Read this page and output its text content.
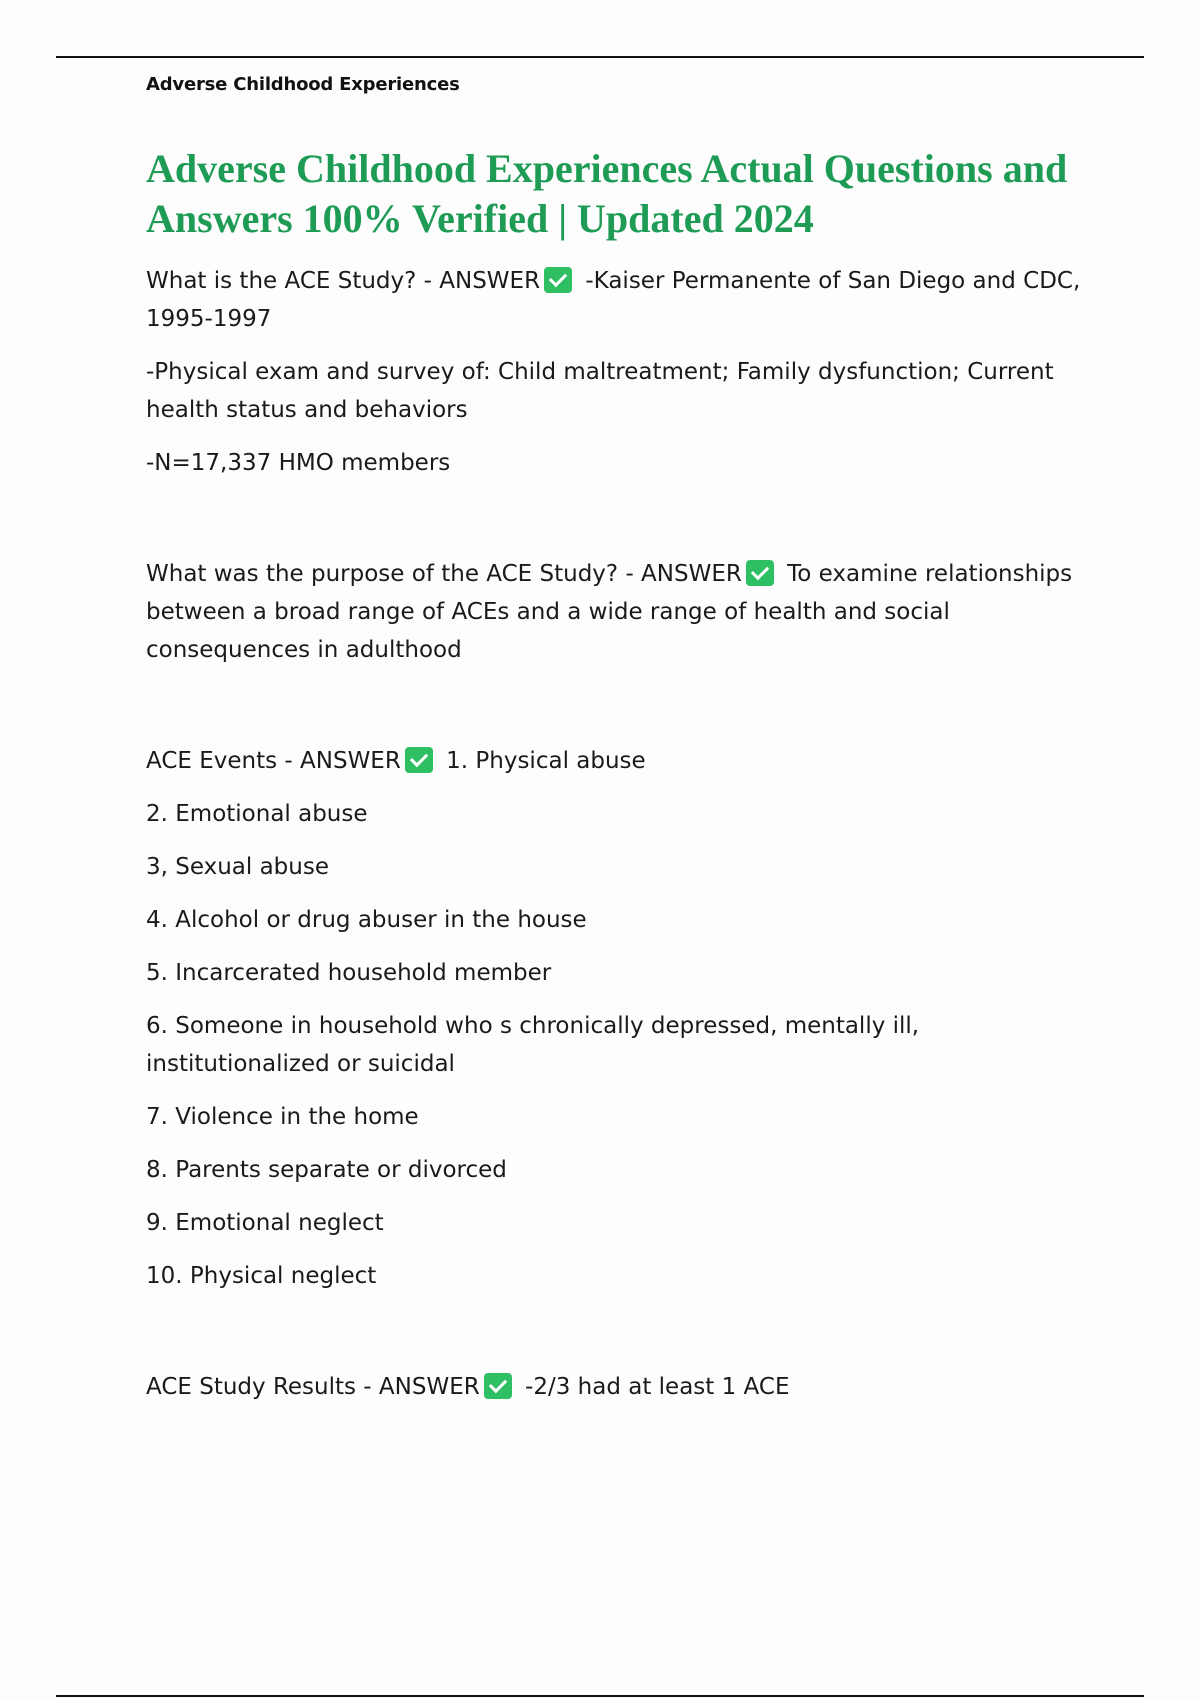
Adverse Childhood Experiences
Adverse Childhood Experiences Actual Questions and
Answers 100% Verified | Updated 2024

What is the ACE Study? - ANSWER -Kaiser Permanente of San Diego and CDC, 1995-1997

-Physical exam and survey of: Child maltreatment; Family dysfunction; Current health status and behaviors

-N=17,337 HMO members

What was the purpose of the ACE Study? - ANSWER To examine relationships between a broad range of ACEs and a wide range of health and social consequences in adulthood

ACE Events - ANSWER 1. Physical abuse

2. Emotional abuse

3, Sexual abuse

4. Alcohol or drug abuser in the house

5. Incarcerated household member

6. Someone in household who s chronically depressed, mentally ill, institutionalized or suicidal

7. Violence in the home

8. Parents separate or divorced

9. Emotional neglect

10. Physical neglect

ACE Study Results - ANSWER -2/3 had at least 1 ACE
